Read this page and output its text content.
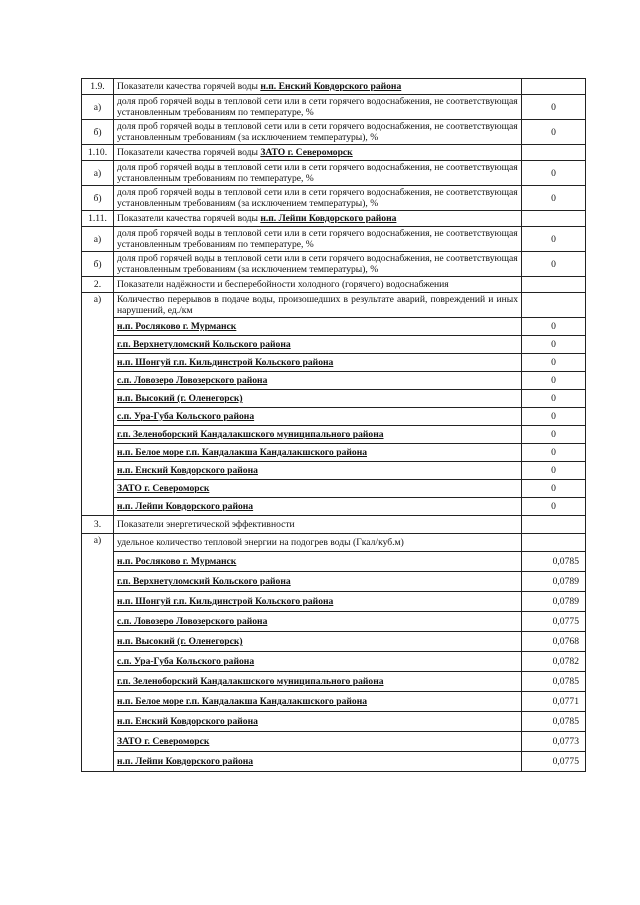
1.9.	Показатели качества горячей воды н.п. Енский Ковдорского района	
а)	доля проб горячей воды в тепловой сети или в сети горячего водоснабжения, не соответствующая установленным требованиям по температуре, %	0
б)	доля проб горячей воды в тепловой сети или в сети горячего водоснабжения, не соответствующая установленным требованиям (за исключением температуры), %	0
1.10.	Показатели качества горячей воды ЗАТО г. Североморск	
а)	доля проб горячей воды в тепловой сети или в сети горячего водоснабжения, не соответствующая установленным требованиям по температуре, %	0
б)	доля проб горячей воды в тепловой сети или в сети горячего водоснабжения, не соответствующая установленным требованиям (за исключением температуры), %	0
1.11.	Показатели качества горячей воды н.п. Лейпи Ковдорского района	
а)	доля проб горячей воды в тепловой сети или в сети горячего водоснабжения, не соответствующая установленным требованиям по температуре, %	0
б)	доля проб горячей воды в тепловой сети или в сети горячего водоснабжения, не соответствующая установленным требованиям (за исключением температуры), %	0
2.	Показатели надёжности и бесперебойности холодного (горячего) водоснабжения	
а)	Количество перерывов в подаче воды, произошедших в результате аварий, повреждений и иных нарушений, ед./км	
	н.п. Росляково г. Мурманск	0
	г.п. Верхнетуломский Кольского района	0
	н.п. Шонгуй г.п. Кильдинстрой Кольского района	0
	с.п. Ловозеро Ловозерского района	0
	н.п. Высокий (г. Оленегорск)	0
	с.п. Ура-Губа Кольского района	0
	г.п. Зеленоборский Кандалакшского муниципального района	0
	н.п. Белое море г.п. Кандалакша Кандалакшского района	0
	н.п. Енский Ковдорского района	0
	ЗАТО г. Североморск	0
	н.п. Лейпи Ковдорского района	0
3.	Показатели энергетической эффективности	
а)	удельное количество тепловой энергии на подогрев воды (Гкал/куб.м)	
	н.п. Росляково г. Мурманск	0,0785
	г.п. Верхнетуломский Кольского района	0,0789
	н.п. Шонгуй г.п. Кильдинстрой Кольского района	0,0789
	с.п. Ловозеро Ловозерского района	0,0775
	н.п. Высокий (г. Оленегорск)	0,0768
	с.п. Ура-Губа Кольского района	0,0782
	г.п. Зеленоборский Кандалакшского муниципального района	0,0785
	н.п. Белое море г.п. Кандалакша Кандалакшского района	0,0771
	н.п. Енский Ковдорского района	0,0785
	ЗАТО г. Североморск	0,0773
	н.п. Лейпи Ковдорского района	0,0775
